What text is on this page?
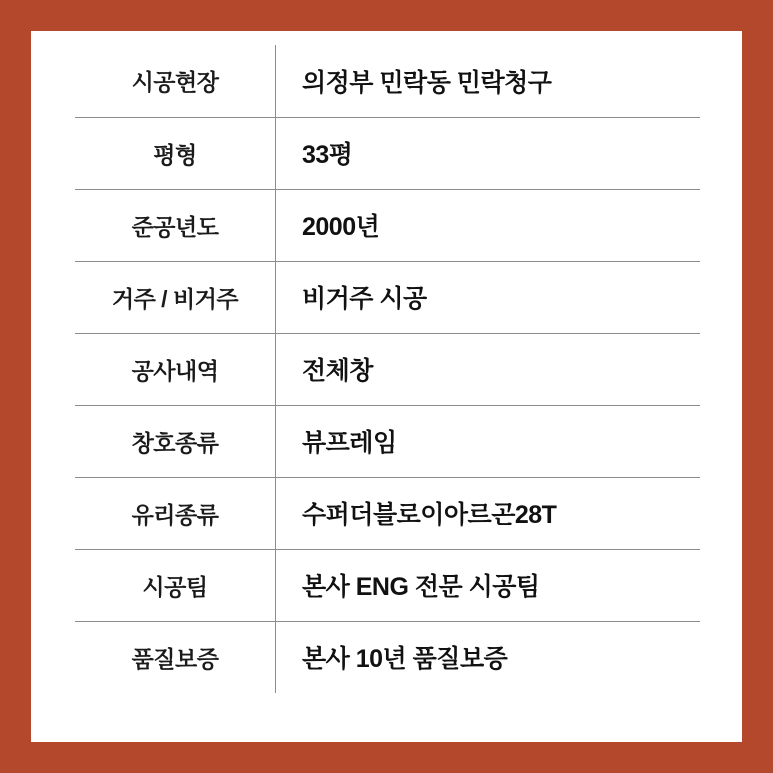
시공현장	의정부 민락동 민락청구
평형	33평
준공년도	2000년
거주 / 비거주	비거주 시공
공사내역	전체창
창호종류	뷰프레임
유리종류	수퍼더블로이아르곤28T
시공팀	본사 ENG 전문 시공팀
품질보증	본사 10년 품질보증
